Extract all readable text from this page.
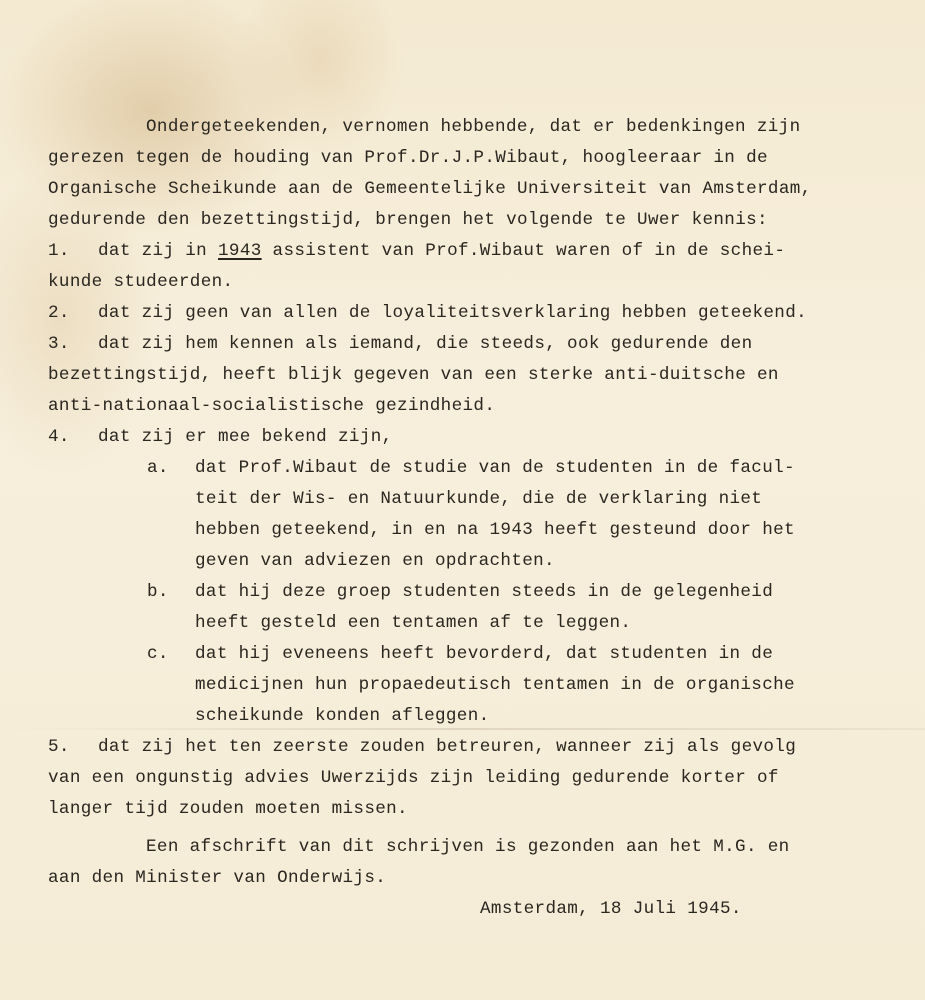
Ondergeteekenden, vernomen hebbende, dat er bedenkingen zijn
gerezen tegen de houding van Prof.Dr.J.P.Wibaut, hoogleeraar in de
Organische Scheikunde aan de Gemeentelijke Universiteit van Amsterdam,
gedurende den bezettingstijd, brengen het volgende te Uwer kennis:
1. dat zij in 1943 assistent van Prof.Wibaut waren of in de schei-
kunde studeerden.
2. dat zij geen van allen de loyaliteitsverklaring hebben geteekend.
3. dat zij hem kennen als iemand, die steeds, ook gedurende den
bezettingstijd, heeft blijk gegeven van een sterke anti-duitsche en
anti-nationaal-socialistische gezindheid.
4. dat zij er mee bekend zijn,
a. dat Prof.Wibaut de studie van de studenten in de facul-
teit der Wis- en Natuurkunde, die de verklaring niet
hebben geteekend, in en na 1943 heeft gesteund door het
geven van adviezen en opdrachten.
b. dat hij deze groep studenten steeds in de gelegenheid
heeft gesteld een tentamen af te leggen.
c. dat hij eveneens heeft bevorderd, dat studenten in de
medicijnen hun propaedeutisch tentamen in de organische
scheikunde konden afleggen.
5. dat zij het ten zeerste zouden betreuren, wanneer zij als gevolg
van een ongunstig advies Uwerzijds zijn leiding gedurende korter of
langer tijd zouden moeten missen.
Een afschrift van dit schrijven is gezonden aan het M.G. en
aan den Minister van Onderwijs.
Amsterdam, 18 Juli 1945.
